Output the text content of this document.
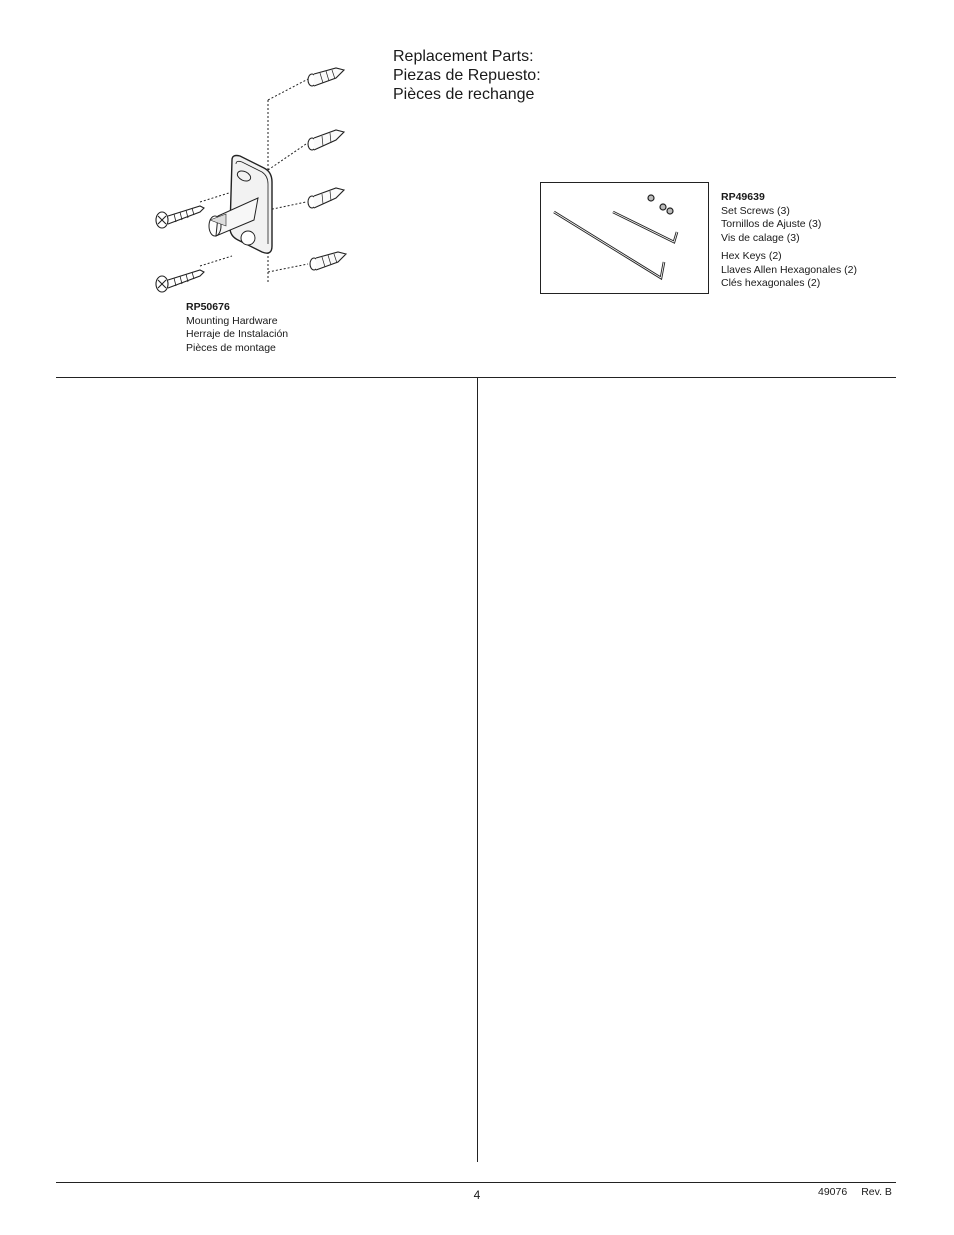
Replacement Parts:
Piezas de Repuesto:
Pièces de rechange
RP50676
Mounting Hardware
Herraje de Instalación
Pièces de montage
RP49639
Set Screws (3)
Tornillos de Ajuste (3)
Vis de calage (3)
Hex Keys (2)
Llaves Allen Hexagonales (2)
Clés hexagonales (2)
4	49076 Rev. B
